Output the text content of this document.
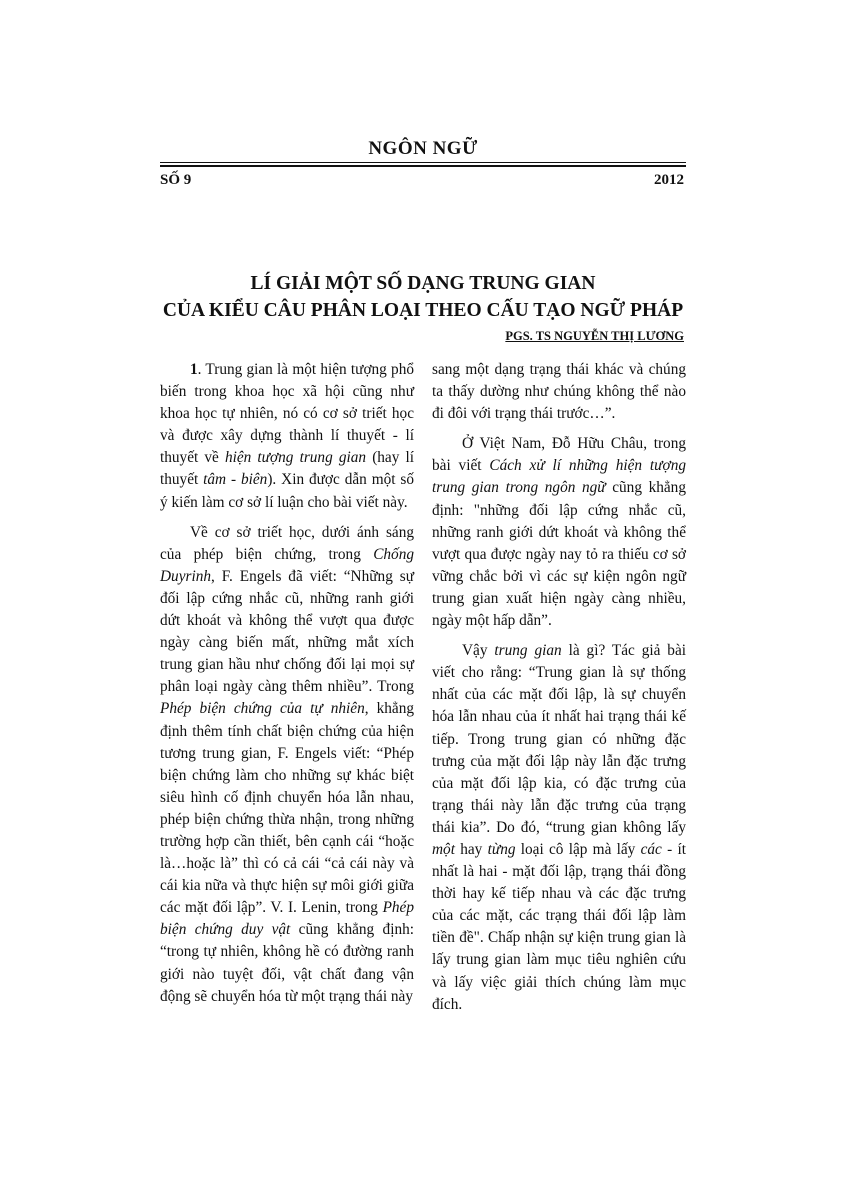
NGÔN NGỮ
SỐ 9	2012
LÍ GIẢI MỘT SỐ DẠNG TRUNG GIAN
CỦA KIỂU CÂU PHÂN LOẠI THEO CẤU TẠO NGỮ PHÁP
PGS. TS NGUYỄN THỊ LƯƠNG

1. Trung gian là một hiện tượng phổ biến trong khoa học xã hội cũng như khoa học tự nhiên, nó có cơ sở triết học và được xây dựng thành lí thuyết - lí thuyết về hiện tượng trung gian (hay lí thuyết tâm - biên). Xin được dẫn một số ý kiến làm cơ sở lí luận cho bài viết này.

Về cơ sở triết học, dưới ánh sáng của phép biện chứng, trong Chống Duyrinh, F. Engels đã viết: “Những sự đối lập cứng nhắc cũ, những ranh giới dứt khoát và không thể vượt qua được ngày càng biến mất, những mắt xích trung gian hầu như chống đối lại mọi sự phân loại ngày càng thêm nhiều”. Trong Phép biện chứng của tự nhiên, khẳng định thêm tính chất biện chứng của hiện tương trung gian, F. Engels viết: “Phép biện chứng làm cho những sự khác biệt siêu hình cố định chuyển hóa lẫn nhau, phép biện chứng thừa nhận, trong những trường hợp cần thiết, bên cạnh cái “hoặc là…hoặc là” thì có cả cái “cả cái này và cái kia nữa và thực hiện sự môi giới giữa các mặt đối lập”. V. I. Lenin, trong Phép biện chứng duy vật cũng khẳng định: “trong tự nhiên, không hề có đường ranh giới nào tuyệt đối, vật chất đang vận động sẽ chuyển hóa từ một trạng thái này

sang một dạng trạng thái khác và chúng ta thấy dường như chúng không thể nào đi đôi với trạng thái trước…”.

Ở Việt Nam, Đỗ Hữu Châu, trong bài viết Cách xử lí những hiện tượng trung gian trong ngôn ngữ cũng khẳng định: "những đối lập cứng nhắc cũ, những ranh giới dứt khoát và không thể vượt qua được ngày nay tỏ ra thiếu cơ sở vững chắc bởi vì các sự kiện ngôn ngữ trung gian xuất hiện ngày càng nhiều, ngày một hấp dẫn”.

Vậy trung gian là gì? Tác giả bài viết cho rằng: “Trung gian là sự thống nhất của các mặt đối lập, là sự chuyển hóa lẫn nhau của ít nhất hai trạng thái kế tiếp. Trong trung gian có những đặc trưng của mặt đối lập này lẫn đặc trưng của mặt đối lập kia, có đặc trưng của trạng thái này lẫn đặc trưng của trạng thái kia”. Do đó, “trung gian không lấy một hay từng loại cô lập mà lấy các - ít nhất là hai - mặt đối lập, trạng thái đồng thời hay kế tiếp nhau và các đặc trưng của các mặt, các trạng thái đối lập làm tiền đề". Chấp nhận sự kiện trung gian là lấy trung gian làm mục tiêu nghiên cứu và lấy việc giải thích chúng làm mục đích.
